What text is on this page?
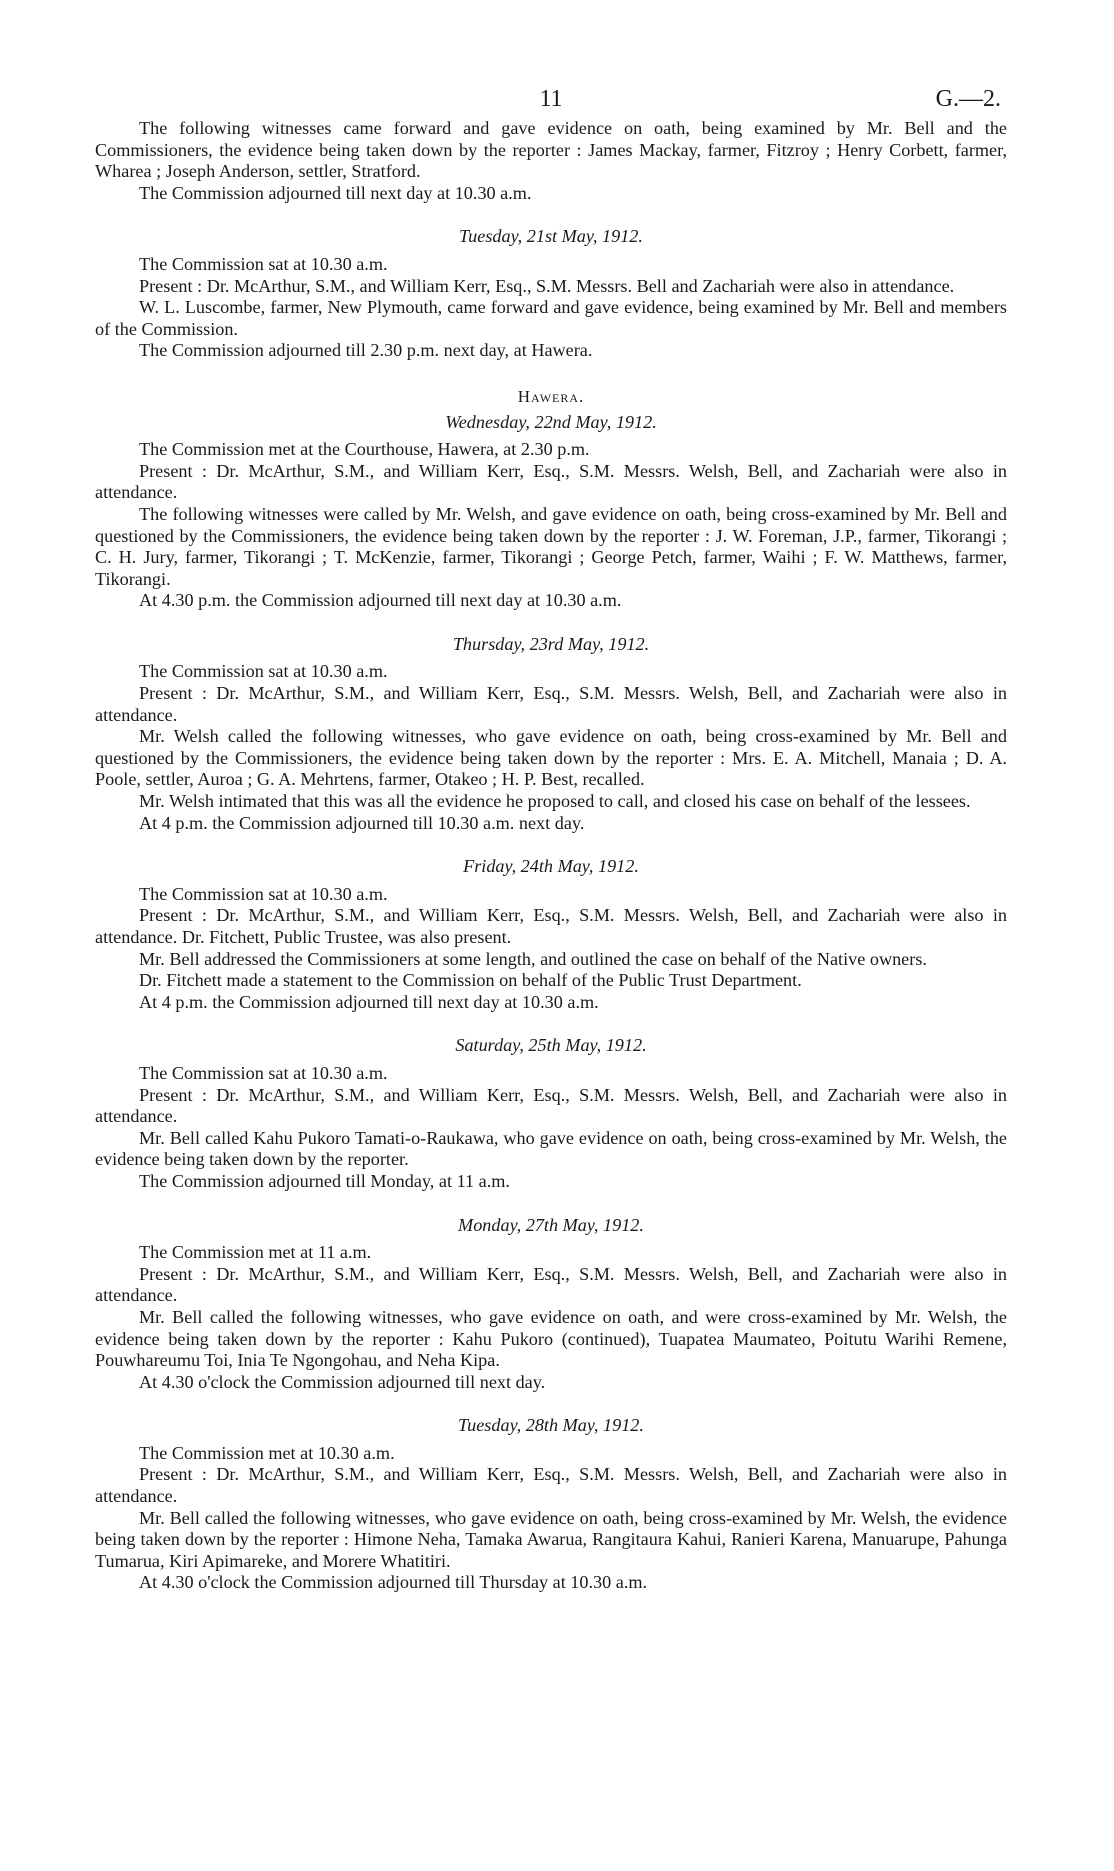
11	G.—2.

The following witnesses came forward and gave evidence on oath, being examined by Mr. Bell and the Commissioners, the evidence being taken down by the reporter : James Mackay, farmer, Fitzroy ; Henry Corbett, farmer, Wharea ; Joseph Anderson, settler, Stratford.

The Commission adjourned till next day at 10.30 a.m.

Tuesday, 21st May, 1912.

The Commission sat at 10.30 a.m.

Present : Dr. McArthur, S.M., and William Kerr, Esq., S.M. Messrs. Bell and Zachariah were also in attendance.

W. L. Luscombe, farmer, New Plymouth, came forward and gave evidence, being examined by Mr. Bell and members of the Commission.

The Commission adjourned till 2.30 p.m. next day, at Hawera.

Hawera.
Wednesday, 22nd May, 1912.

The Commission met at the Courthouse, Hawera, at 2.30 p.m.

Present : Dr. McArthur, S.M., and William Kerr, Esq., S.M. Messrs. Welsh, Bell, and Zachariah were also in attendance.

The following witnesses were called by Mr. Welsh, and gave evidence on oath, being cross-examined by Mr. Bell and questioned by the Commissioners, the evidence being taken down by the reporter : J. W. Foreman, J.P., farmer, Tikorangi ; C. H. Jury, farmer, Tikorangi ; T. McKenzie, farmer, Tikorangi ; George Petch, farmer, Waihi ; F. W. Matthews, farmer, Tikorangi.

At 4.30 p.m. the Commission adjourned till next day at 10.30 a.m.

Thursday, 23rd May, 1912.

The Commission sat at 10.30 a.m.

Present : Dr. McArthur, S.M., and William Kerr, Esq., S.M. Messrs. Welsh, Bell, and Zachariah were also in attendance.

Mr. Welsh called the following witnesses, who gave evidence on oath, being cross-examined by Mr. Bell and questioned by the Commissioners, the evidence being taken down by the reporter : Mrs. E. A. Mitchell, Manaia ; D. A. Poole, settler, Auroa ; G. A. Mehrtens, farmer, Otakeo ; H. P. Best, recalled.

Mr. Welsh intimated that this was all the evidence he proposed to call, and closed his case on behalf of the lessees.

At 4 p.m. the Commission adjourned till 10.30 a.m. next day.

Friday, 24th May, 1912.

The Commission sat at 10.30 a.m.

Present : Dr. McArthur, S.M., and William Kerr, Esq., S.M. Messrs. Welsh, Bell, and Zachariah were also in attendance. Dr. Fitchett, Public Trustee, was also present.

Mr. Bell addressed the Commissioners at some length, and outlined the case on behalf of the Native owners.

Dr. Fitchett made a statement to the Commission on behalf of the Public Trust Department.

At 4 p.m. the Commission adjourned till next day at 10.30 a.m.

Saturday, 25th May, 1912.

The Commission sat at 10.30 a.m.

Present : Dr. McArthur, S.M., and William Kerr, Esq., S.M. Messrs. Welsh, Bell, and Zachariah were also in attendance.

Mr. Bell called Kahu Pukoro Tamati-o-Raukawa, who gave evidence on oath, being cross-examined by Mr. Welsh, the evidence being taken down by the reporter.

The Commission adjourned till Monday, at 11 a.m.

Monday, 27th May, 1912.

The Commission met at 11 a.m.

Present : Dr. McArthur, S.M., and William Kerr, Esq., S.M. Messrs. Welsh, Bell, and Zachariah were also in attendance.

Mr. Bell called the following witnesses, who gave evidence on oath, and were cross-examined by Mr. Welsh, the evidence being taken down by the reporter : Kahu Pukoro (continued), Tuapatea Maumateo, Poitutu Warihi Remene, Pouwhareumu Toi, Inia Te Ngongohau, and Neha Kipa.

At 4.30 o'clock the Commission adjourned till next day.

Tuesday, 28th May, 1912.

The Commission met at 10.30 a.m.

Present : Dr. McArthur, S.M., and William Kerr, Esq., S.M. Messrs. Welsh, Bell, and Zachariah were also in attendance.

Mr. Bell called the following witnesses, who gave evidence on oath, being cross-examined by Mr. Welsh, the evidence being taken down by the reporter : Himone Neha, Tamaka Awarua, Rangitaura Kahui, Ranieri Karena, Manuarupe, Pahunga Tumarua, Kiri Apimareke, and Morere Whatitiri.

At 4.30 o'clock the Commission adjourned till Thursday at 10.30 a.m.
